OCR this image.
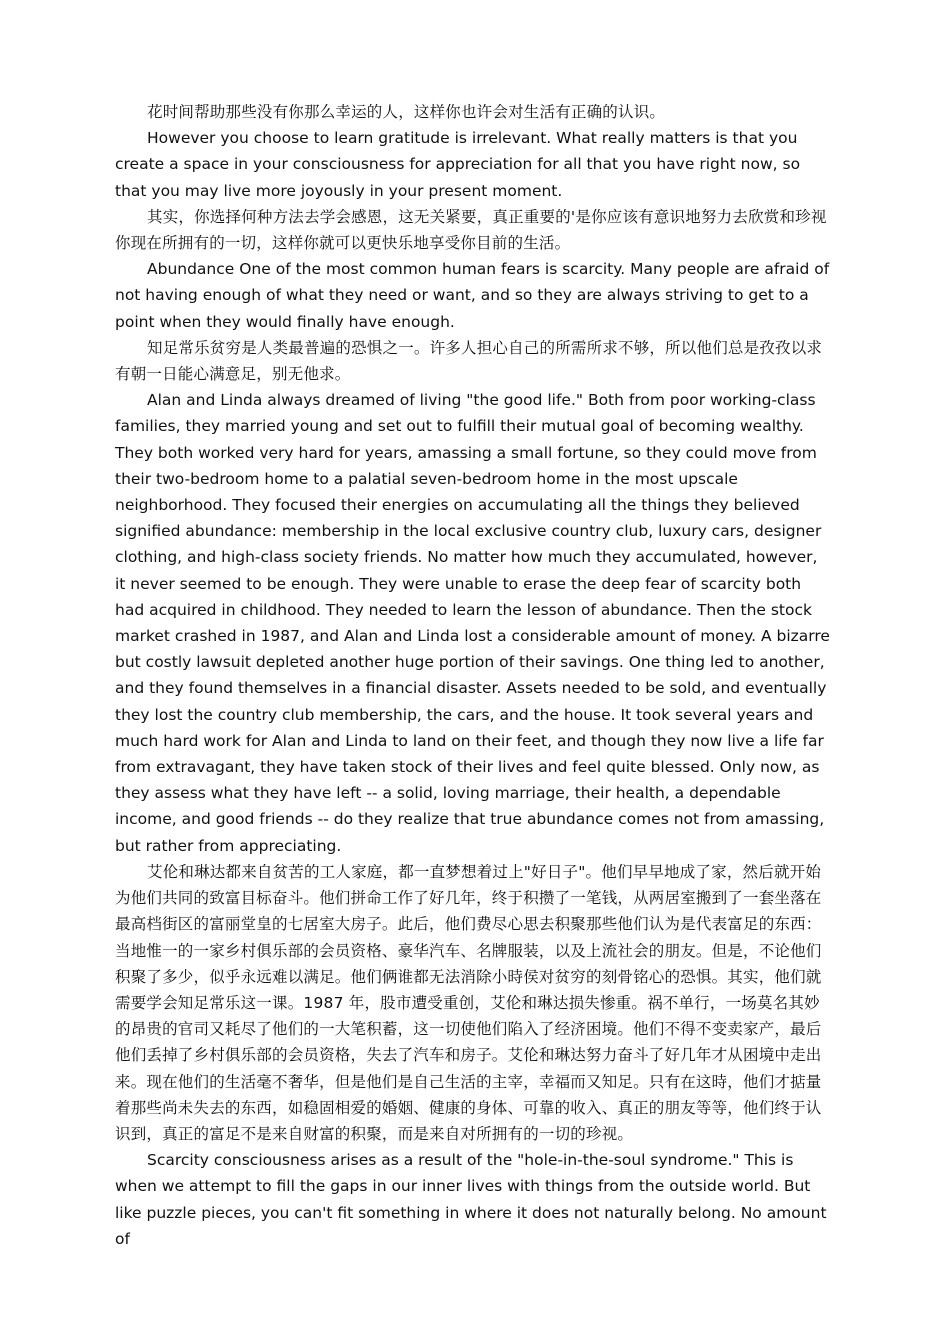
花时间帮助那些没有你那么幸运的人，这样你也许会对生活有正确的认识。

However you choose to learn gratitude is irrelevant. What really matters is that you create a space in your consciousness for appreciation for all that you have right now, so that you may live more joyously in your present moment.

其实，你选择何种方法去学会感恩，这无关紧要，真正重要的'是你应该有意识地努力去欣赏和珍视你现在所拥有的一切，这样你就可以更快乐地享受你目前的生活。

Abundance One of the most common human fears is scarcity. Many people are afraid of not having enough of what they need or want, and so they are always striving to get to a point when they would finally have enough.

知足常乐贫穷是人类最普遍的恐惧之一。许多人担心自己的所需所求不够，所以他们总是孜孜以求有朝一日能心满意足，别无他求。

Alan and Linda always dreamed of living "the good life." Both from poor working-class families, they married young and set out to fulfill their mutual goal of becoming wealthy. They both worked very hard for years, amassing a small fortune, so they could move from their two-bedroom home to a palatial seven-bedroom home in the most upscale neighborhood. They focused their energies on accumulating all the things they believed signified abundance: membership in the local exclusive country club, luxury cars, designer clothing, and high-class society friends. No matter how much they accumulated, however, it never seemed to be enough. They were unable to erase the deep fear of scarcity both had acquired in childhood. They needed to learn the lesson of abundance. Then the stock market crashed in 1987, and Alan and Linda lost a considerable amount of money. A bizarre but costly lawsuit depleted another huge portion of their savings. One thing led to another, and they found themselves in a financial disaster. Assets needed to be sold, and eventually they lost the country club membership, the cars, and the house. It took several years and much hard work for Alan and Linda to land on their feet, and though they now live a life far from extravagant, they have taken stock of their lives and feel quite blessed. Only now, as they assess what they have left -- a solid, loving marriage, their health, a dependable income, and good friends -- do they realize that true abundance comes not from amassing, but rather from appreciating.

艾伦和琳达都来自贫苦的工人家庭，都一直梦想着过上"好日子"。他们早早地成了家，然后就开始为他们共同的致富目标奋斗。他们拼命工作了好几年，终于积攒了一笔钱，从两居室搬到了一套坐落在最高档街区的富丽堂皇的七居室大房子。此后，他们费尽心思去积聚那些他们认为是代表富足的东西：当地惟一的一家乡村俱乐部的会员资格、豪华汽车、名牌服装，以及上流社会的朋友。但是，不论他们积聚了多少，似乎永远难以满足。他们俩谁都无法消除小時侯对贫穷的刻骨铭心的恐惧。其实，他们就需要学会知足常乐这一课。1987 年，股市遭受重创，艾伦和琳达损失惨重。祸不单行，一场莫名其妙的昂贵的官司又耗尽了他们的一大笔积蓄，这一切使他们陷入了经济困境。他们不得不变卖家产，最后他们丢掉了乡村俱乐部的会员资格，失去了汽车和房子。艾伦和琳达努力奋斗了好几年才从困境中走出来。现在他们的生活毫不奢华，但是他们是自己生活的主宰，幸福而又知足。只有在这時，他们才掂量着那些尚未失去的东西，如稳固相爱的婚姻、健康的身体、可靠的收入、真正的朋友等等，他们终于认识到，真正的富足不是来自财富的积聚，而是来自对所拥有的一切的珍视。

Scarcity consciousness arises as a result of the "hole-in-the-soul syndrome." This is when we attempt to fill the gaps in our inner lives with things from the outside world. But like puzzle pieces, you can't fit something in where it does not naturally belong. No amount of
